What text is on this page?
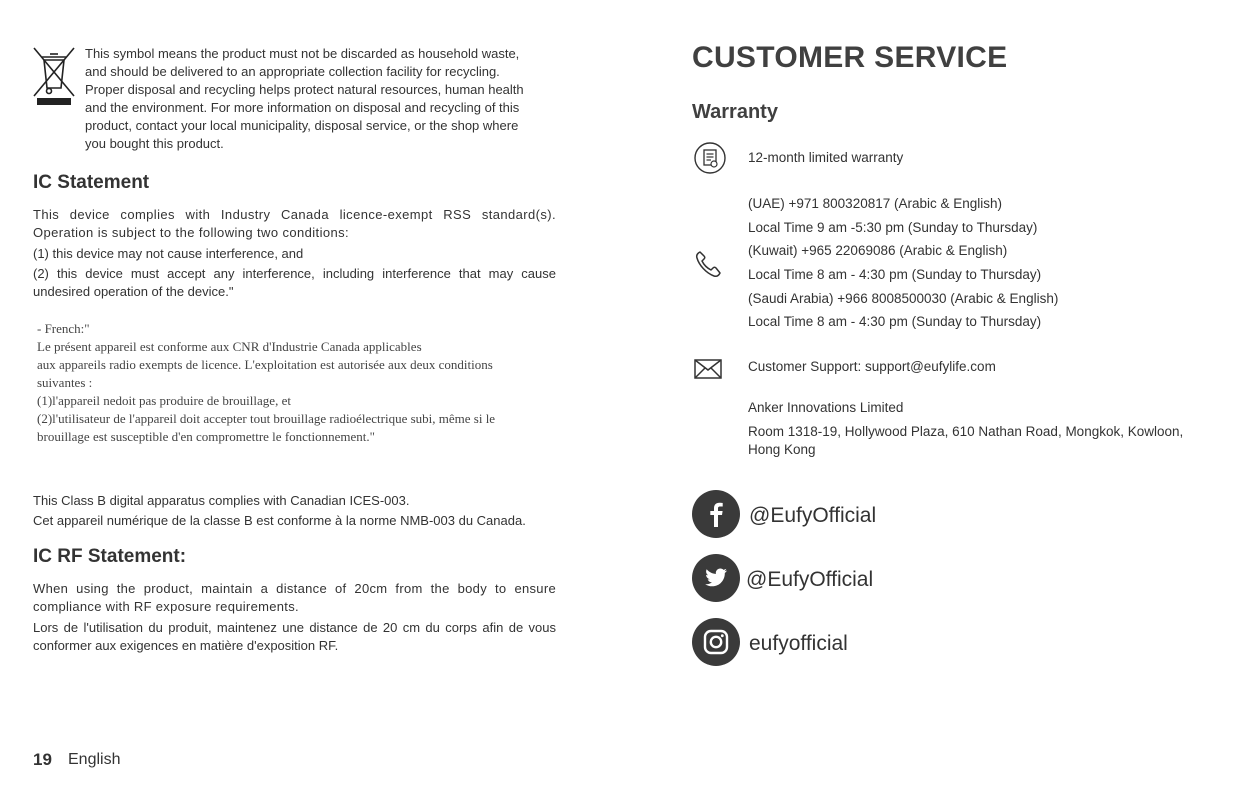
This symbol means the product must not be discarded as household waste,
and should be delivered to an appropriate collection facility for recycling.
Proper disposal and recycling helps protect natural resources, human health
and the environment. For more information on disposal and recycling of this
product, contact your local municipality, disposal service, or the shop where
you bought this product.
IC Statement
This device complies with Industry Canada licence-exempt RSS standard(s). Operation is subject to the following two conditions:
(1) this device may not cause interference, and
(2) this device must accept any interference, including interference that may cause undesired operation of the device."
- French:"
Le présent appareil est conforme aux CNR d'Industrie Canada applicables
aux appareils radio exempts de licence. L'exploitation est autorisée aux deux conditions
suivantes :
(1)l'appareil nedoit pas produire de brouillage, et
(2)l'utilisateur de l'appareil doit accepter tout brouillage radioélectrique subi, même si le
brouillage est susceptible d'en compromettre le fonctionnement."
This Class B digital apparatus complies with Canadian ICES-003.
Cet appareil numérique de la classe B est conforme à la norme NMB-003 du Canada.
IC RF Statement:
When using the product, maintain a distance of 20cm from the body to ensure compliance with RF exposure requirements.
Lors de l'utilisation du produit, maintenez une distance de 20 cm du corps afin de vous conformer aux exigences en matière d'exposition RF.
19 English
CUSTOMER SERVICE
Warranty
12-month limited warranty
(UAE) +971 800320817 (Arabic & English)
Local Time 9 am -5:30 pm (Sunday to Thursday)
(Kuwait) +965 22069086 (Arabic & English)
Local Time 8 am - 4:30 pm (Sunday to Thursday)
(Saudi Arabia) +966 8008500030 (Arabic & English)
Local Time 8 am - 4:30 pm (Sunday to Thursday)
Customer Support: support@eufylife.com
Anker Innovations Limited
Room 1318-19, Hollywood Plaza, 610 Nathan Road, Mongkok, Kowloon,
Hong Kong
@EufyOfficial
@EufyOfficial
eufyofficial
